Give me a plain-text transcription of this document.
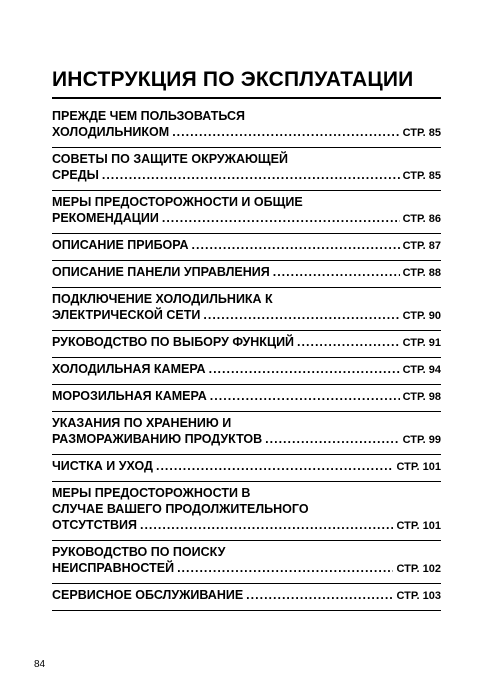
ИНСТРУКЦИЯ ПО ЭКСПЛУАТАЦИИ
ПРЕЖДЕ ЧЕМ ПОЛЬЗОВАТЬСЯ
ХОЛОДИЛЬНИКОМ .....	СТР. 85
СОВЕТЫ ПО ЗАЩИТЕ ОКРУЖАЮЩЕЙ
СРЕДЫ .....	СТР. 85
МЕРЫ ПРЕДОСТОРОЖНОСТИ И ОБЩИЕ
РЕКОМЕНДАЦИИ .....	СТР. 86
ОПИСАНИЕ ПРИБОРА .....	СТР. 87
ОПИСАНИЕ ПАНЕЛИ УПРАВЛЕНИЯ .....	СТР. 88
ПОДКЛЮЧЕНИЕ ХОЛОДИЛЬНИКА К
ЭЛЕКТРИЧЕСКОЙ СЕТИ .....	СТР. 90
РУКОВОДСТВО ПО ВЫБОРУ ФУНКЦИЙ .....	СТР. 91
ХОЛОДИЛЬНАЯ КАМЕРА .....	СТР. 94
МОРОЗИЛЬНАЯ КАМЕРА .....	СТР. 98
УКАЗАНИЯ ПО ХРАНЕНИЮ И
РАЗМОРАЖИВАНИЮ ПРОДУКТОВ .....	СТР. 99
ЧИСТКА И УХОД .....	СТР. 101
МЕРЫ ПРЕДОСТОРОЖНОСТИ В
СЛУЧАЕ ВАШЕГО ПРОДОЛЖИТЕЛЬНОГО
ОТСУТСТВИЯ .....	СТР. 101
РУКОВОДСТВО ПО ПОИСКУ
НЕИСПРАВНОСТЕЙ .....	СТР. 102
СЕРВИСНОЕ ОБСЛУЖИВАНИЕ .....	СТР. 103
84
